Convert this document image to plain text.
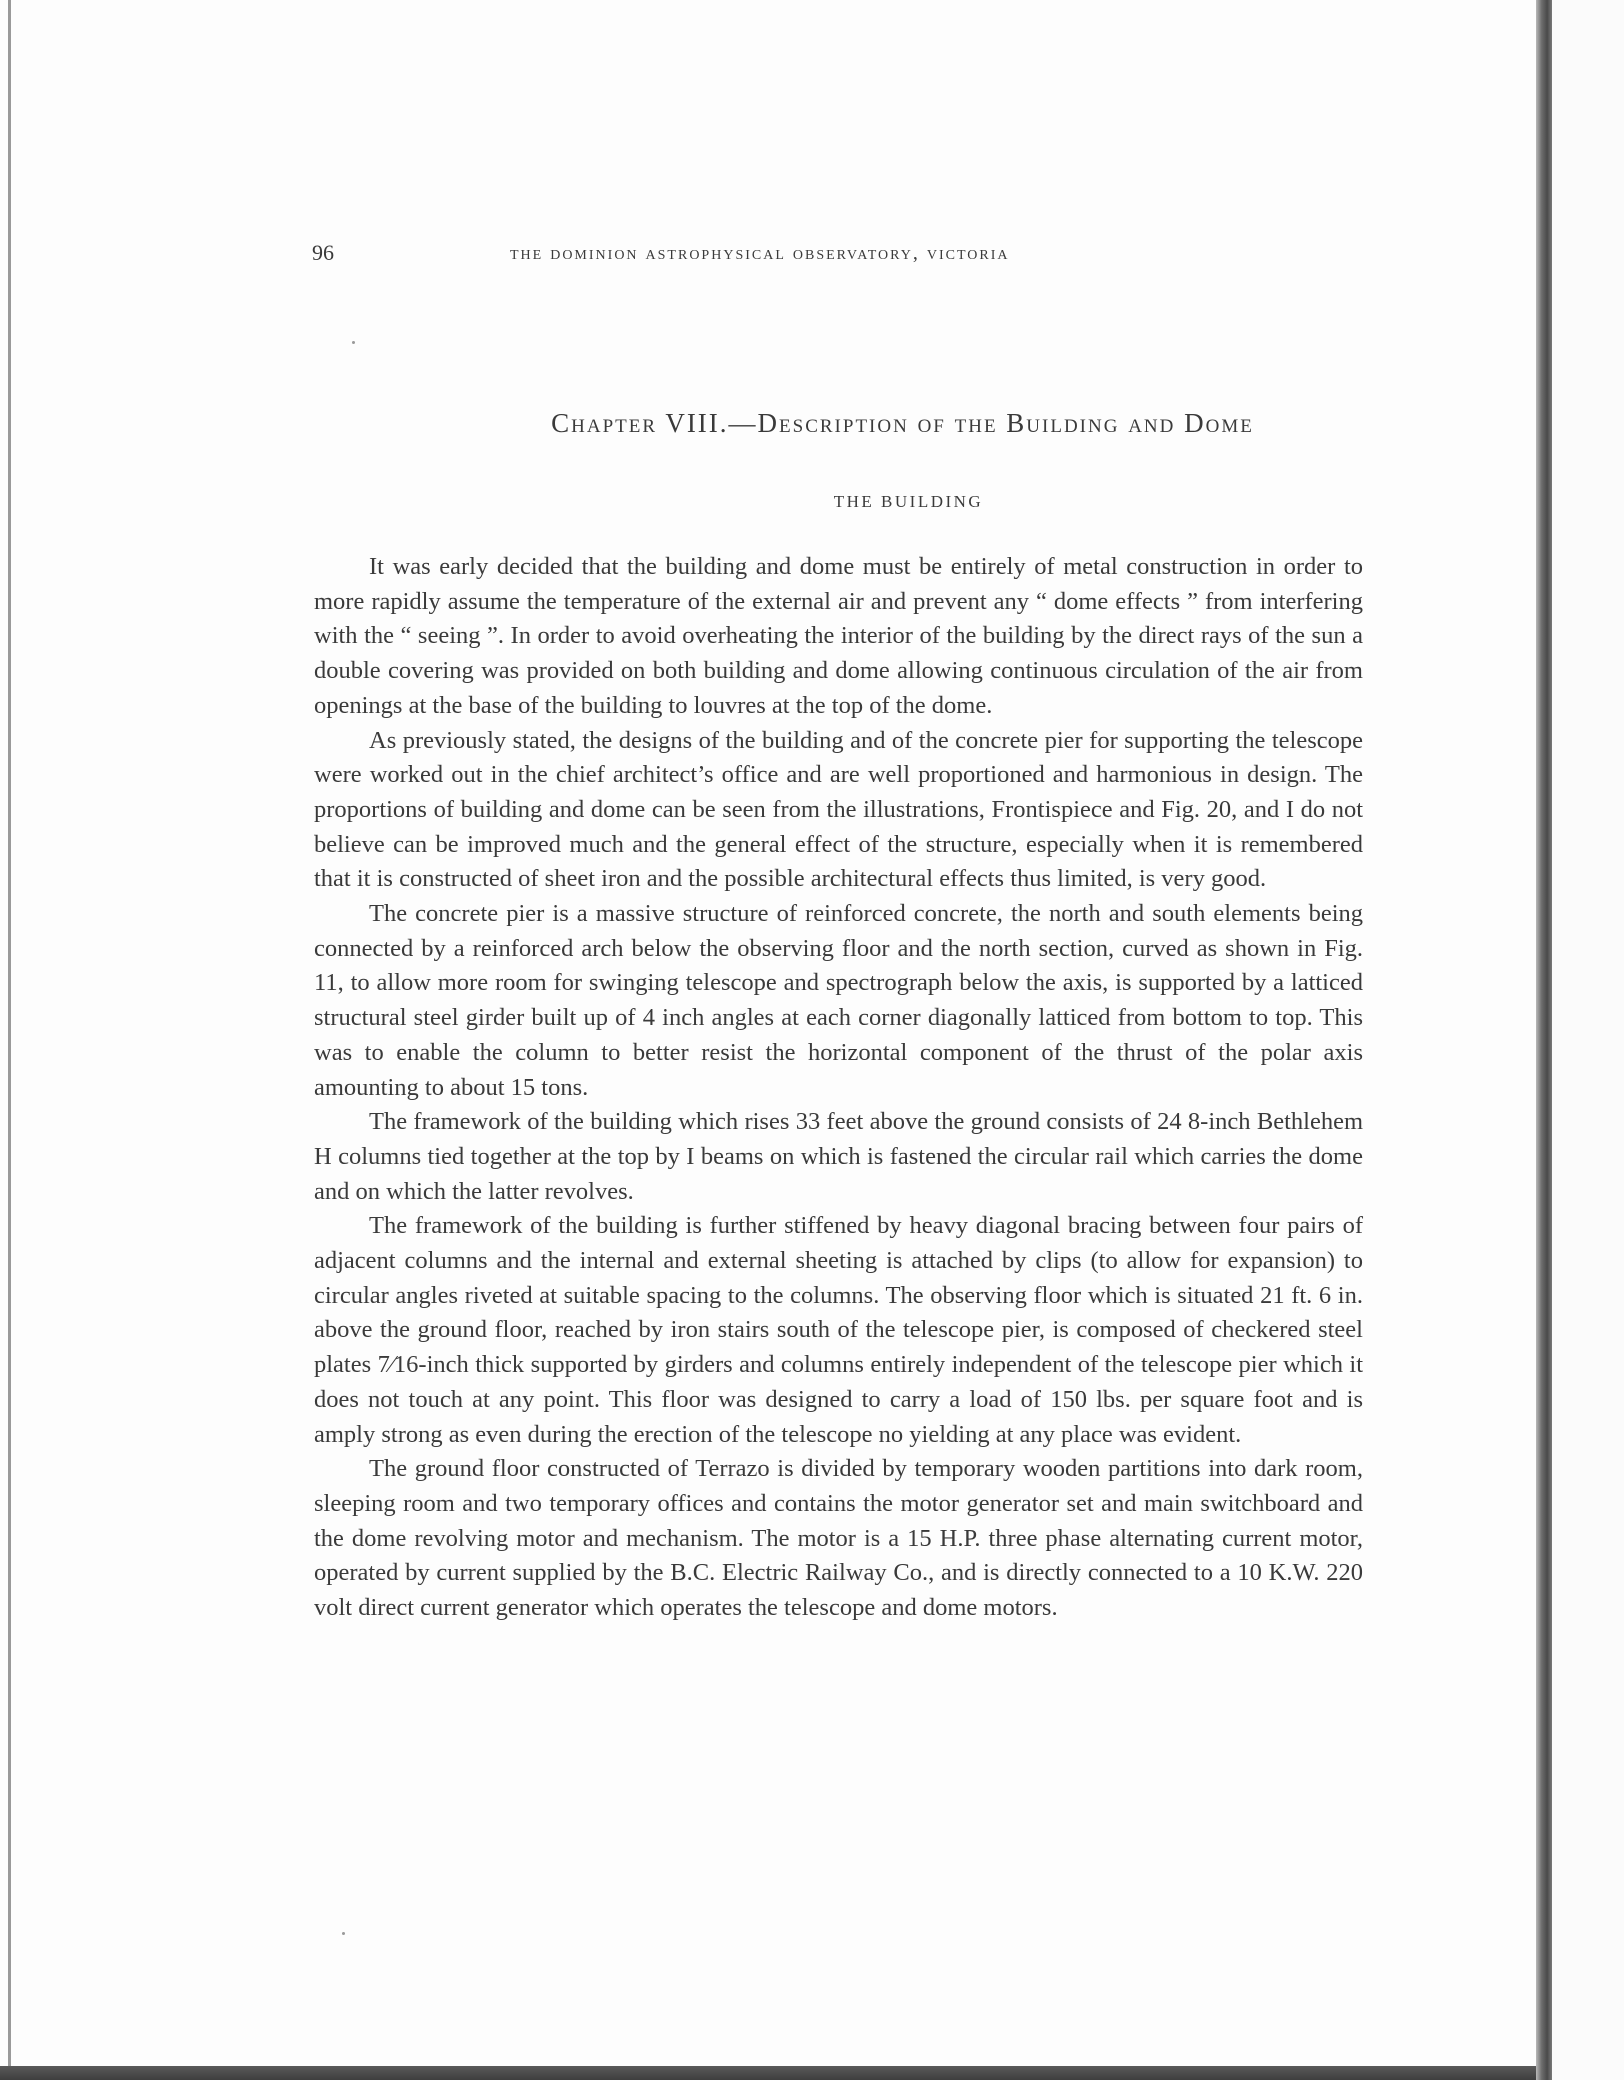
96	the dominion astrophysical observatory, victoria
Chapter VIII.—Description of the Building and Dome
THE BUILDING

It was early decided that the building and dome must be entirely of metal construction in order to more rapidly assume the temperature of the external air and prevent any “ dome effects ” from interfering with the “ seeing ”. In order to avoid overheating the interior of the building by the direct rays of the sun a double covering was provided on both building and dome allowing continuous circulation of the air from openings at the base of the building to louvres at the top of the dome.

As previously stated, the designs of the building and of the concrete pier for supporting the telescope were worked out in the chief architect’s office and are well proportioned and harmonious in design. The proportions of building and dome can be seen from the illustrations, Frontispiece and Fig. 20, and I do not believe can be improved much and the general effect of the structure, especially when it is remembered that it is constructed of sheet iron and the possible architectural effects thus limited, is very good.

The concrete pier is a massive structure of reinforced concrete, the north and south elements being connected by a reinforced arch below the observing floor and the north section, curved as shown in Fig. 11, to allow more room for swinging telescope and spectrograph below the axis, is supported by a latticed structural steel girder built up of 4 inch angles at each corner diagonally latticed from bottom to top. This was to enable the column to better resist the horizontal component of the thrust of the polar axis amounting to about 15 tons.

The framework of the building which rises 33 feet above the ground consists of 24 8-inch Bethlehem H columns tied together at the top by I beams on which is fastened the circular rail which carries the dome and on which the latter revolves.

The framework of the building is further stiffened by heavy diagonal bracing between four pairs of adjacent columns and the internal and external sheeting is attached by clips (to allow for expansion) to circular angles riveted at suitable spacing to the columns. The observing floor which is situated 21 ft. 6 in. above the ground floor, reached by iron stairs south of the telescope pier, is composed of checkered steel plates 7⁄16-inch thick supported by girders and columns entirely independent of the telescope pier which it does not touch at any point. This floor was designed to carry a load of 150 lbs. per square foot and is amply strong as even during the erection of the telescope no yielding at any place was evident.

The ground floor constructed of Terrazo is divided by temporary wooden partitions into dark room, sleeping room and two temporary offices and contains the motor generator set and main switchboard and the dome revolving motor and mechanism. The motor is a 15 H.P. three phase alternating current motor, operated by current supplied by the B.C. Electric Railway Co., and is directly connected to a 10 K.W. 220 volt direct current generator which operates the telescope and dome motors.
